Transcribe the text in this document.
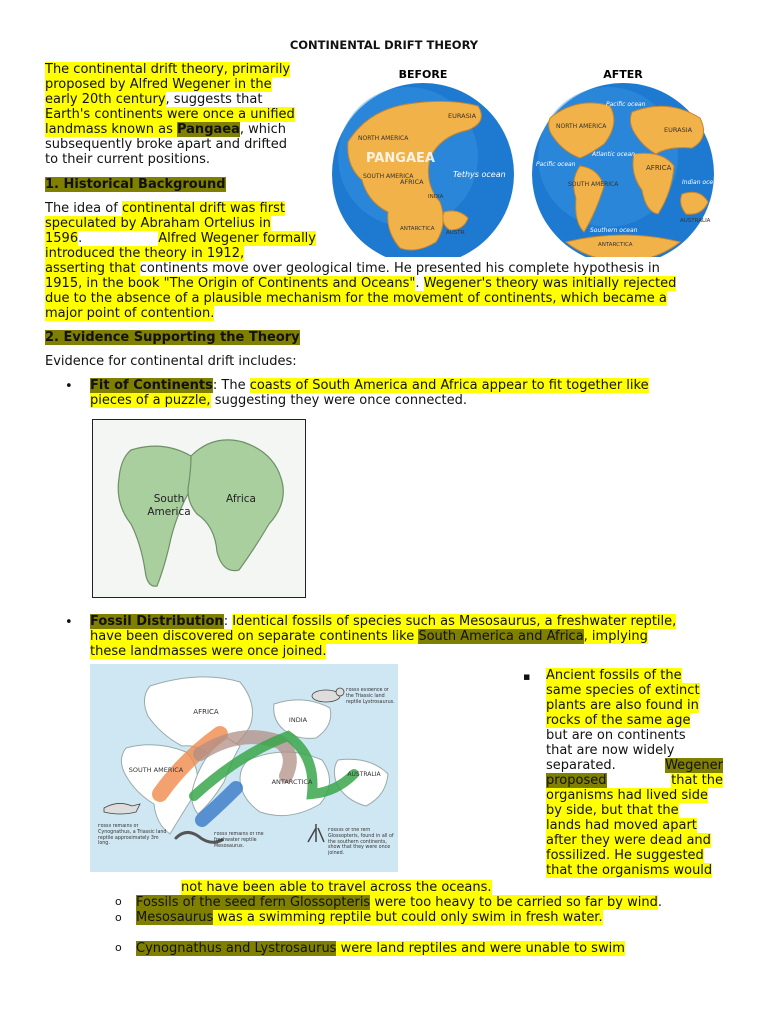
CONTINENTAL DRIFT THEORY
The continental drift theory, primarily
proposed by Alfred Wegener in the
early 20th century, suggests that
Earth's continents were once a unified
landmass known as Pangaea, which
subsequently broke apart and drifted
to their current positions.
1. Historical Background
The idea of continental drift was first
speculated by Abraham Ortelius in
1596.	Alfred Wegener formally
introduced the theory in 1912,
asserting that continents move over geological time. He presented his complete hypothesis in
1915, in the book "The Origin of Continents and Oceans". Wegener's theory was initially rejected
due to the absence of a plausible mechanism for the movement of continents, which became a
major point of contention.
BEFORE	AFTER
EURASIA
NORTH AMERICA
PANGAEA
Tethys ocean
SOUTH AMERICA
AFRICA
INDIA
ANTARCTICA
AUSTR.
Pacific ocean
NORTH AMERICA	EURASIA
Atlantic ocean
Pacific ocean	AFRICA
SOUTH AMERICA	Indian ocean
AUSTRALIA
Southern ocean
ANTARCTICA
2. Evidence Supporting the Theory
Evidence for continental drift includes:
• Fit of Continents: The coasts of South America and Africa appear to fit together like
pieces of a puzzle, suggesting they were once connected.
South America
Africa
• Fossil Distribution: Identical fossils of species such as Mesosaurus, a freshwater reptile,
have been discovered on separate continents like South America and Africa, implying
these landmasses were once joined.
AFRICA
INDIA
SOUTH AMERICA
ANTARCTICA
AUSTRALIA
Fossil evidence of the Triassic land reptile Lystrosaurus.
Fossil remains of Cynognathus, a Triassic land reptile approximately 3m long.
Fossil remains of the freshwater reptile Mesosaurus.
Fossils of the fern Glossopteris, found in all of the southern continents, show that they were once joined.
▪ Ancient fossils of the
same species of extinct
plants are also found in
rocks of the same age
but are on continents
that are now widely
separated.	Wegener
proposed	that the
organisms had lived side
by side, but that the
lands had moved apart
after they were dead and
fossilized. He suggested
that the organisms would
not have been able to travel across the oceans.
o Fossils of the seed fern Glossopteris were too heavy to be carried so far by wind.
o Mesosaurus was a swimming reptile but could only swim in fresh water.
o Cynognathus and Lystrosaurus were land reptiles and were unable to swim
